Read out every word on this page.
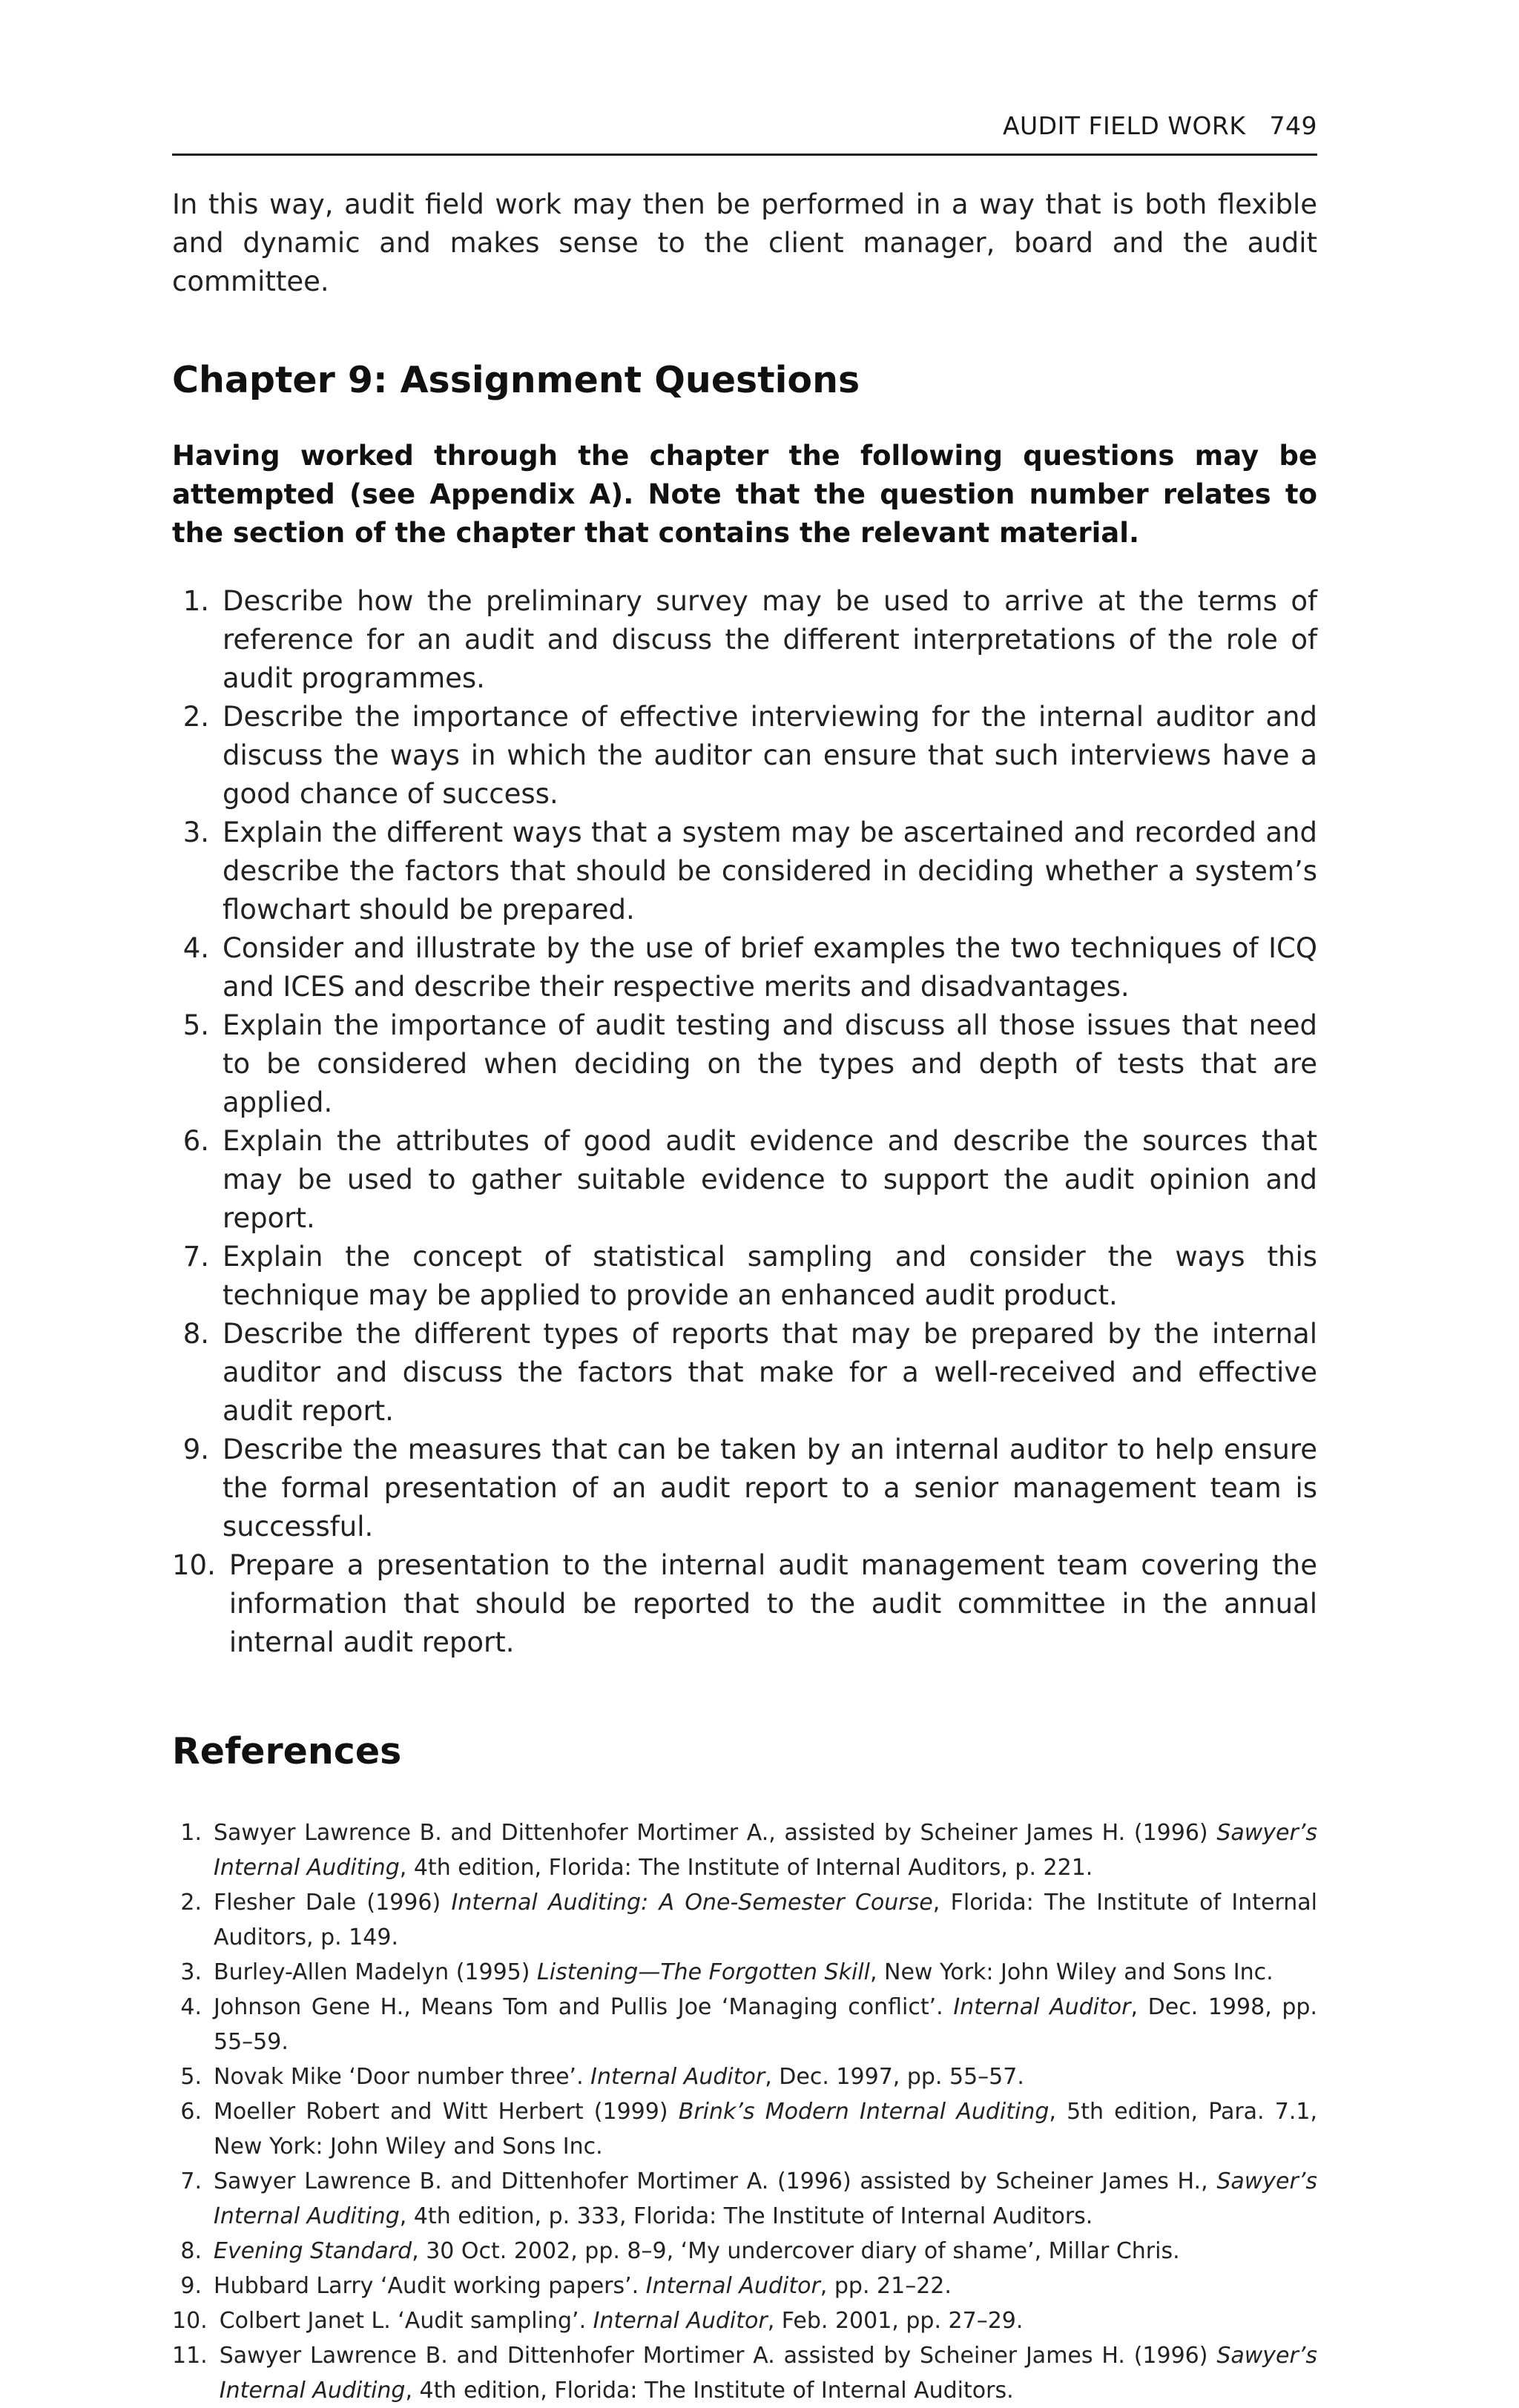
AUDIT FIELD WORK 749

In this way, audit field work may then be performed in a way that is both flexible and dynamic and makes sense to the client manager, board and the audit committee.

Chapter 9: Assignment Questions

Having worked through the chapter the following questions may be attempted (see Appendix A). Note that the question number relates to the section of the chapter that contains the relevant material.

1. Describe how the preliminary survey may be used to arrive at the terms of reference for an audit and discuss the different interpretations of the role of audit programmes.
2. Describe the importance of effective interviewing for the internal auditor and discuss the ways in which the auditor can ensure that such interviews have a good chance of success.
3. Explain the different ways that a system may be ascertained and recorded and describe the factors that should be considered in deciding whether a system’s flowchart should be prepared.
4. Consider and illustrate by the use of brief examples the two techniques of ICQ and ICES and describe their respective merits and disadvantages.
5. Explain the importance of audit testing and discuss all those issues that need to be considered when deciding on the types and depth of tests that are applied.
6. Explain the attributes of good audit evidence and describe the sources that may be used to gather suitable evidence to support the audit opinion and report.
7. Explain the concept of statistical sampling and consider the ways this technique may be applied to provide an enhanced audit product.
8. Describe the different types of reports that may be prepared by the internal auditor and discuss the factors that make for a well-received and effective audit report.
9. Describe the measures that can be taken by an internal auditor to help ensure the formal presentation of an audit report to a senior management team is successful.
10. Prepare a presentation to the internal audit management team covering the information that should be reported to the audit committee in the annual internal audit report.
References
1. Sawyer Lawrence B. and Dittenhofer Mortimer A., assisted by Scheiner James H. (1996) Sawyer’s Internal Auditing, 4th edition, Florida: The Institute of Internal Auditors, p. 221.
2. Flesher Dale (1996) Internal Auditing: A One-Semester Course, Florida: The Institute of Internal Auditors, p. 149.
3. Burley-Allen Madelyn (1995) Listening—The Forgotten Skill, New York: John Wiley and Sons Inc.
4. Johnson Gene H., Means Tom and Pullis Joe ‘Managing conflict’. Internal Auditor, Dec. 1998, pp. 55–59.
5. Novak Mike ‘Door number three’. Internal Auditor, Dec. 1997, pp. 55–57.
6. Moeller Robert and Witt Herbert (1999) Brink’s Modern Internal Auditing, 5th edition, Para. 7.1, New York: John Wiley and Sons Inc.
7. Sawyer Lawrence B. and Dittenhofer Mortimer A. (1996) assisted by Scheiner James H., Sawyer’s Internal Auditing, 4th edition, p. 333, Florida: The Institute of Internal Auditors.
8. Evening Standard, 30 Oct. 2002, pp. 8–9, ‘My undercover diary of shame’, Millar Chris.
9. Hubbard Larry ‘Audit working papers’. Internal Auditor, pp. 21–22.
10. Colbert Janet L. ‘Audit sampling’. Internal Auditor, Feb. 2001, pp. 27–29.
11. Sawyer Lawrence B. and Dittenhofer Mortimer A. assisted by Scheiner James H. (1996) Sawyer’s Internal Auditing, 4th edition, Florida: The Institute of Internal Auditors.
